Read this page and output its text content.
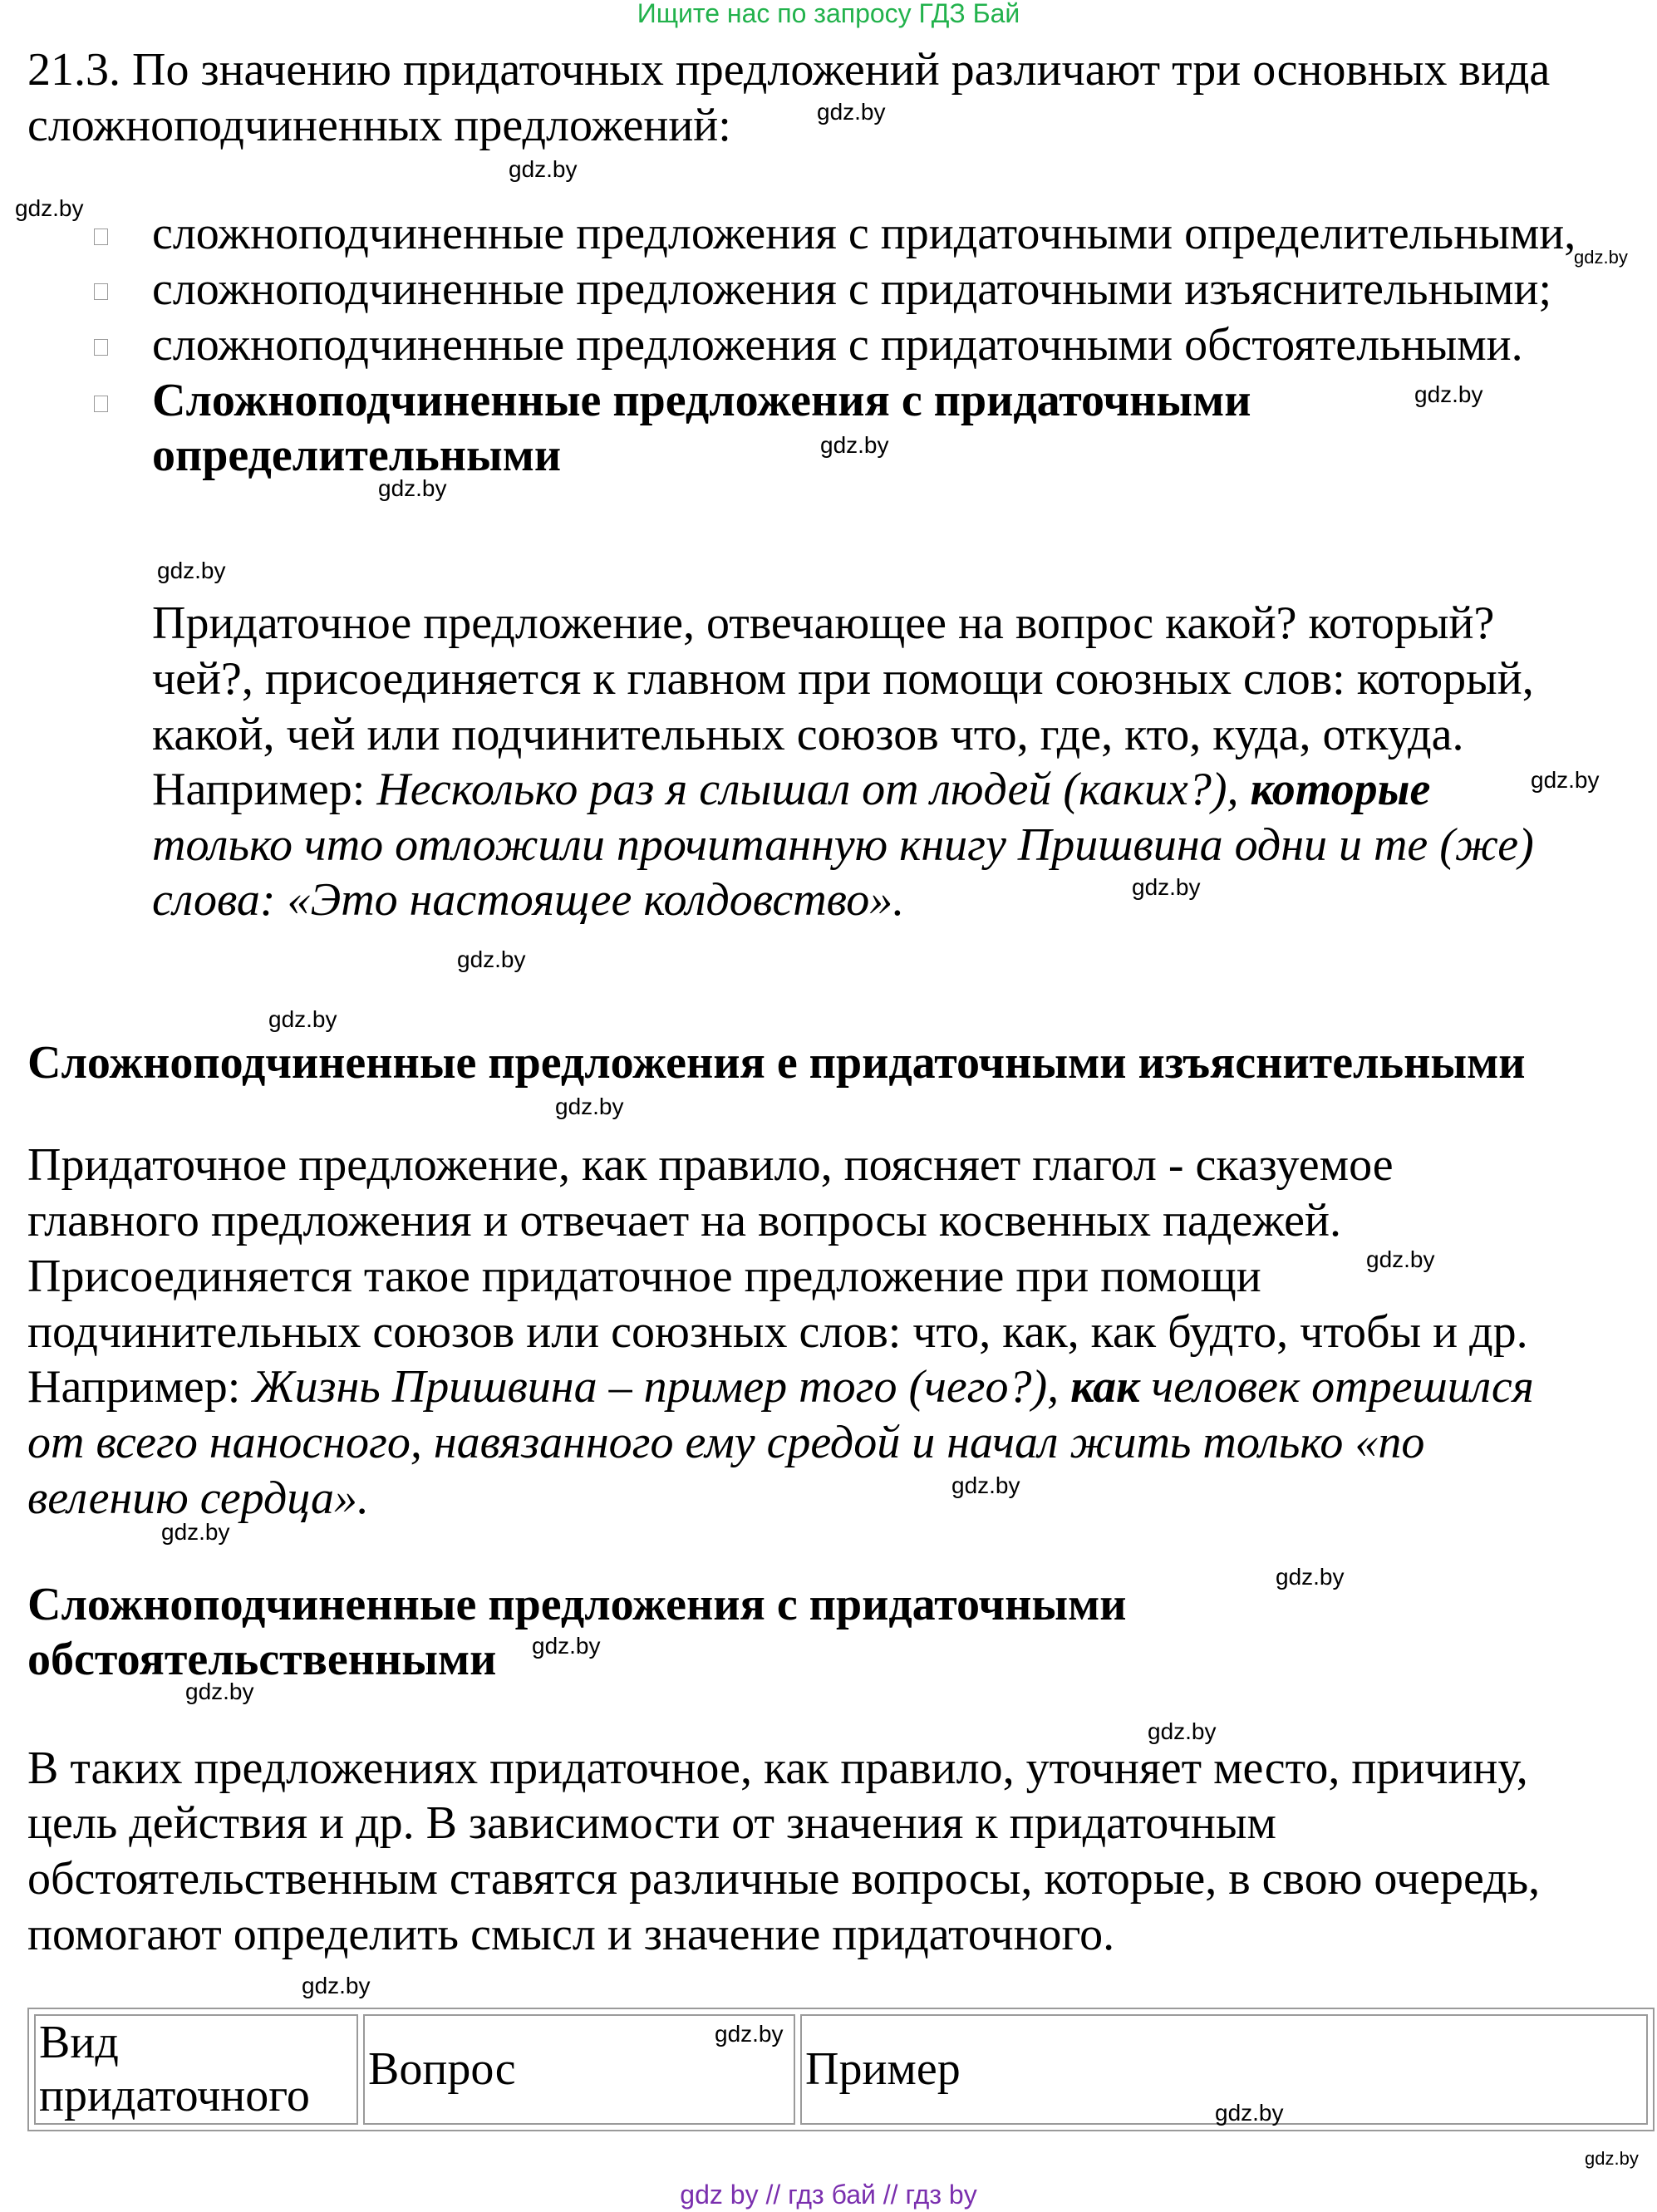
Ищите нас по запросу ГДЗ Бай
21.3. По значению придаточных предложений различают три основных вида
сложноподчиненных предложений:
сложноподчиненные предложения с придаточными определительными,
сложноподчиненные предложения с придаточными изъяснительными;
сложноподчиненные предложения с придаточными обстоятельными.
Сложноподчиненные предложения с придаточными
определительными
Придаточное предложение, отвечающее на вопрос какой? который?
чей?, присоединяется к главном при помощи союзных слов: который,
какой, чей или подчинительных союзов что, где, кто, куда, откуда.
Например: Несколько раз я слышал от людей (каких?), которые
только что отложили прочитанную книгу Пришвина одни и те (же)
слова: «Это настоящее колдовство».
Сложноподчиненные предложения е придаточными изъяснительными
Придаточное предложение, как правило, поясняет глагол - сказуемое
главного предложения и отвечает на вопросы косвенных падежей.
Присоединяется такое придаточное предложение при помощи
подчинительных союзов или союзных слов: что, как, как будто, чтобы и др.
Например: Жизнь Пришвина – пример того (чего?), как человек отрешился
от всего наносного, навязанного ему средой и начал жить только «по
велению сердца».
Сложноподчиненные предложения с придаточными
обстоятельственными
В таких предложениях придаточное, как правило, уточняет место, причину,
цель действия и др. В зависимости от значения к придаточным
обстоятельственным ставятся различные вопросы, которые, в свою очередь,
помогают определить смысл и значение придаточного.
Вид придаточного	Вопрос	Пример
gdz.by
gdz.by
gdz.by
gdz.by
gdz.by
gdz.by
gdz.by
gdz.by
gdz.by
gdz.by
gdz.by
gdz.by
gdz.by
gdz.by
gdz.by
gdz.by
gdz.by
gdz.by
gdz.by
gdz.by
gdz.by
gdz.by
gdz.by
gdz.by
gdz by // гдз бай // гдз by
